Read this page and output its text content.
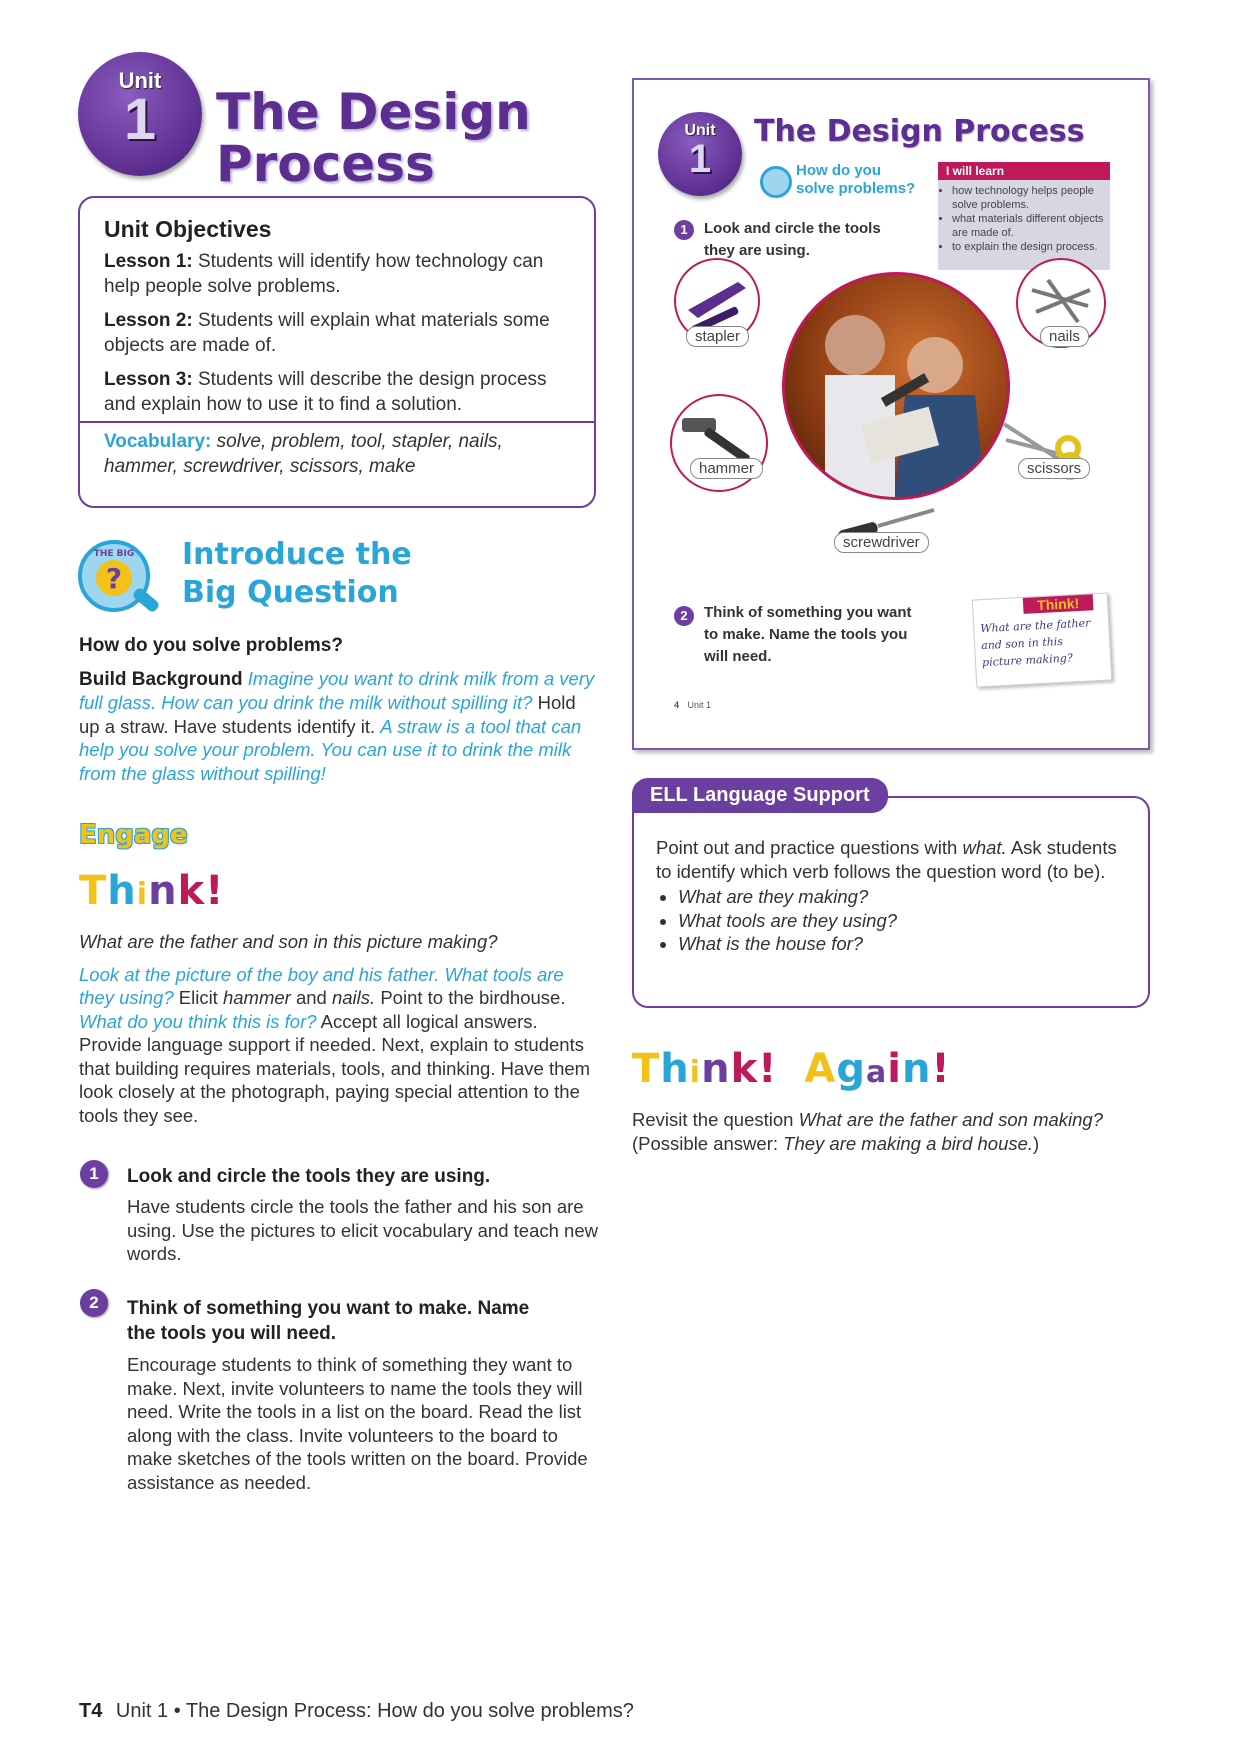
Unit
1	The Design
Process
Unit Objectives

Lesson 1: Students will identify how technology can help people solve problems.

Lesson 2: Students will explain what materials some objects are made of.

Lesson 3: Students will describe the design process and explain how to use it to find a solution.

Vocabulary: solve, problem, tool, stapler, nails, hammer, screwdriver, scissors, make
?
THE BIG Introduce the
Big Question
How do you solve problems?
Build Background Imagine you want to drink milk from a very full glass. How can you drink the milk without spilling it? Hold up a straw. Have students identify it. A straw is a tool that can help you solve your problem. You can use it to drink the milk from the glass without spilling!
Engage
Think!
What are the father and son in this picture making?
Look at the picture of the boy and his father. What tools are they using? Elicit hammer and nails. Point to the birdhouse. What do you think this is for? Accept all logical answers. Provide language support if needed. Next, explain to students that building requires materials, tools, and thinking. Have them look closely at the photograph, paying special attention to the tools they see.
1	Look and circle the tools they are using.
Have students circle the tools the father and his son are using. Use the pictures to elicit vocabulary and teach new words.
2	Think of something you want to make. Name the tools you will need.
Encourage students to think of something they want to make. Next, invite volunteers to name the tools they will need. Write the tools in a list on the board. Read the list along with the class. Invite volunteers to the board to make sketches of the tools written on the board. Provide assistance as needed.
T4 Unit 1 • The Design Process: How do you solve problems?
Unit
1
The Design Process
How do you
solve problems?
I will learn
• how technology helps people solve problems.
• what materials different objects are made of.
• to explain the design process.
1	Look and circle the tools they are using.
stapler	nails
hammer	scissors
screwdriver
2	Think of something you want to make. Name the tools you will need.
Think!
What are the father and son in this picture making?
4 Unit 1
Point out and practice questions with what. Ask students to identify which verb follows the question word (to be).
• What are they making?
• What tools are they using?
• What is the house for?
ELL Language Support
Think! Again!
Revisit the question What are the father and son making? (Possible answer: They are making a bird house.)
